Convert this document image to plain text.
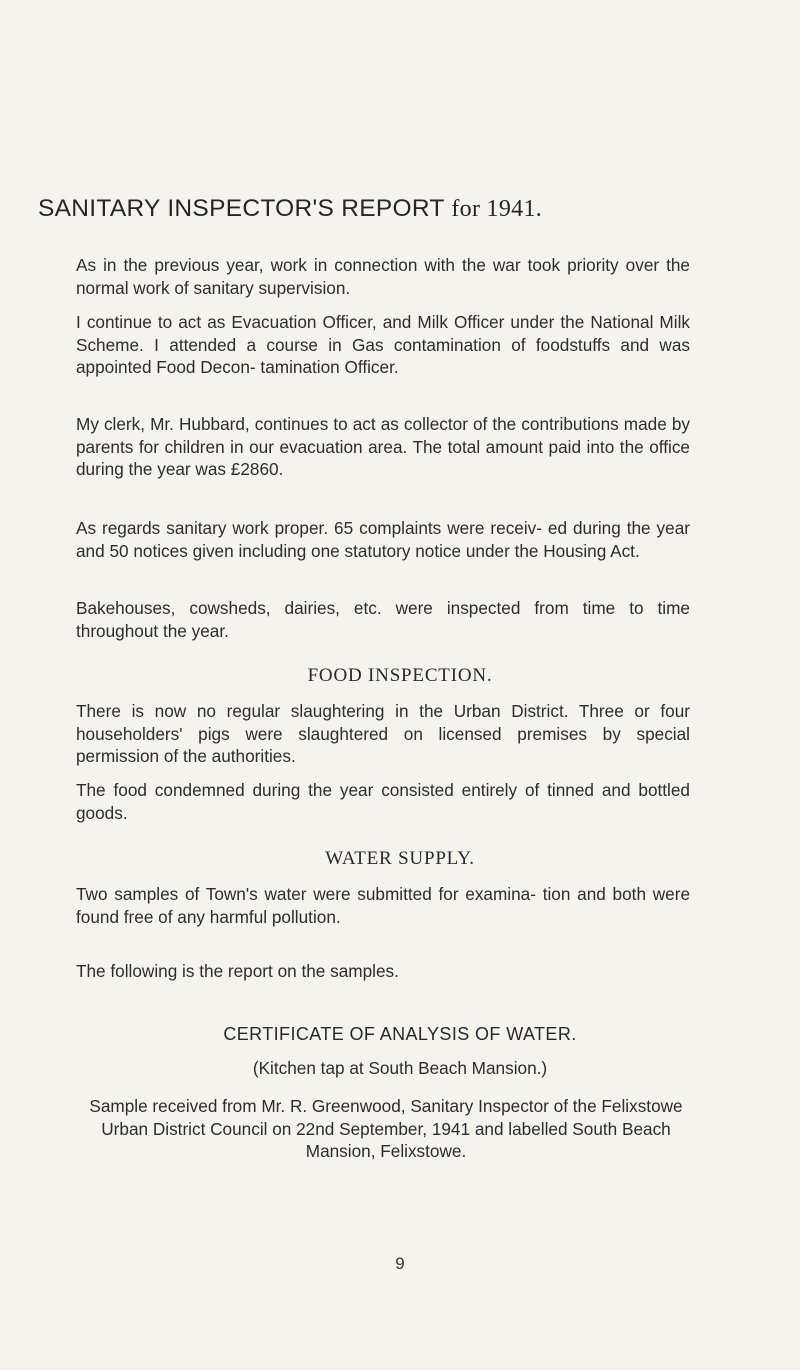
SANITARY INSPECTOR'S REPORT for 1941.

As in the previous year, work in connection with the war took priority over the normal work of sanitary supervision.

I continue to act as Evacuation Officer, and Milk Officer under the National Milk Scheme. I attended a course in Gas contamination of foodstuffs and was appointed Food Decon- tamination Officer.

My clerk, Mr. Hubbard, continues to act as collector of the contributions made by parents for children in our evacuation area. The total amount paid into the office during the year was £2860.

As regards sanitary work proper. 65 complaints were receiv- ed during the year and 50 notices given including one statutory notice under the Housing Act.

Bakehouses, cowsheds, dairies, etc. were inspected from time to time throughout the year.

FOOD INSPECTION.

There is now no regular slaughtering in the Urban District. Three or four householders' pigs were slaughtered on licensed premises by special permission of the authorities.

The food condemned during the year consisted entirely of tinned and bottled goods.

WATER SUPPLY.

Two samples of Town's water were submitted for examina- tion and both were found free of any harmful pollution.

The following is the report on the samples.

CERTIFICATE OF ANALYSIS OF WATER.

(Kitchen tap at South Beach Mansion.)

Sample received from Mr. R. Greenwood, Sanitary Inspector of the Felixstowe Urban District Council on 22nd September, 1941 and labelled South Beach Mansion, Felixstowe.

9
